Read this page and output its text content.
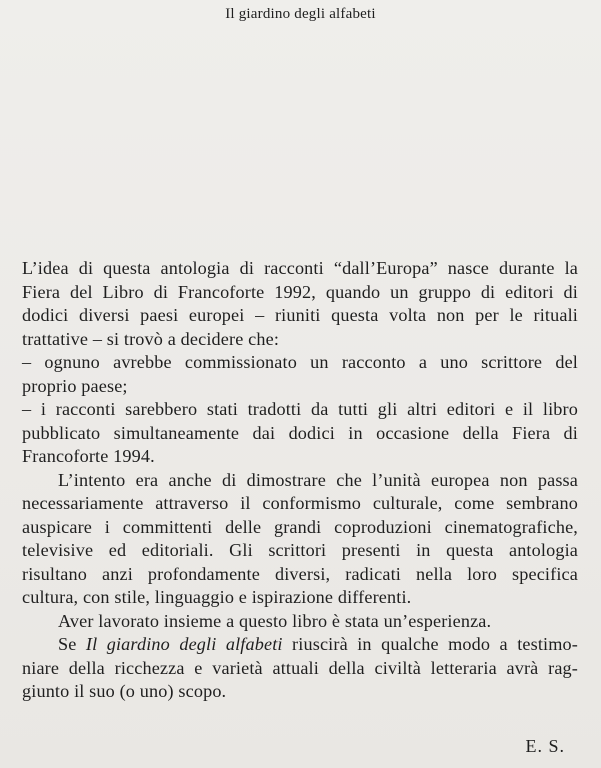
Il giardino degli alfabeti
L’idea di questa antologia di racconti “dall’Europa” nasce durante la
Fiera del Libro di Francoforte 1992, quando un gruppo di editori di
dodici diversi paesi europei – riuniti questa volta non per le rituali
trattative – si trovò a decidere che:
– ognuno avrebbe commissionato un racconto a uno scrittore del
proprio paese;
– i racconti sarebbero stati tradotti da tutti gli altri editori e il libro
pubblicato simultaneamente dai dodici in occasione della Fiera di
Francoforte 1994.
L’intento era anche di dimostrare che l’unità europea non passa
necessariamente attraverso il conformismo culturale, come sembrano
auspicare i committenti delle grandi coproduzioni cinematografiche,
televisive ed editoriali. Gli scrittori presenti in questa antologia
risultano anzi profondamente diversi, radicati nella loro specifica
cultura, con stile, linguaggio e ispirazione differenti.
Aver lavorato insieme a questo libro è stata un’esperienza.
Se Il giardino degli alfabeti riuscirà in qualche modo a testimo-
niare della ricchezza e varietà attuali della civiltà letteraria avrà rag-
giunto il suo (o uno) scopo.
E. S.
